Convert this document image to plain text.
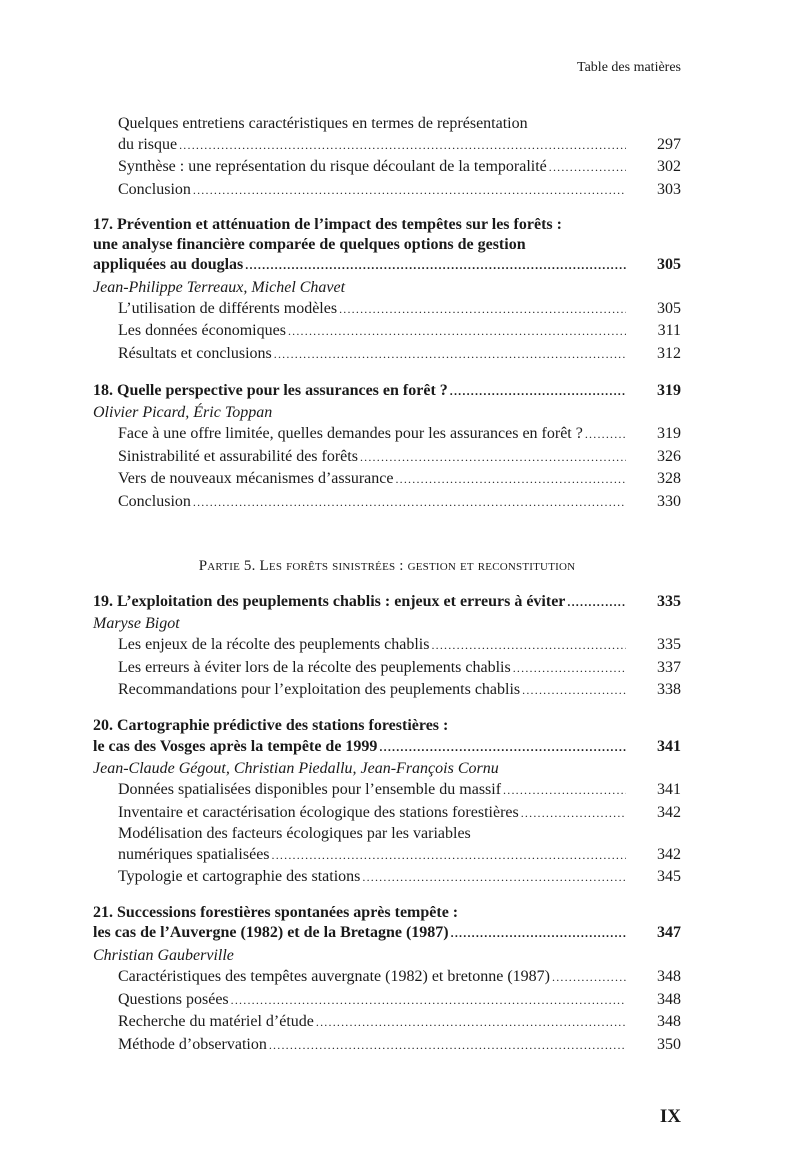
Table des matières
Quelques entretiens caractéristiques en termes de représentation
du risque .....	297
Synthèse : une représentation du risque découlant de la temporalité .....	302
Conclusion .....	303
17. Prévention et atténuation de l’impact des tempêtes sur les forêts :
une analyse financière comparée de quelques options de gestion
appliquées au douglas .....	305
Jean-Philippe Terreaux, Michel Chavet
L’utilisation de différents modèles .....	305
Les données économiques .....	311
Résultats et conclusions .....	312
18. Quelle perspective pour les assurances en forêt ? .....	319
Olivier Picard, Éric Toppan
Face à une offre limitée, quelles demandes pour les assurances en forêt ? .....	319
Sinistrabilité et assurabilité des forêts .....	326
Vers de nouveaux mécanismes d’assurance .....	328
Conclusion .....	330
Partie 5. Les forêts sinistrées : gestion et reconstitution
19. L’exploitation des peuplements chablis : enjeux et erreurs à éviter .....	335
Maryse Bigot
Les enjeux de la récolte des peuplements chablis .....	335
Les erreurs à éviter lors de la récolte des peuplements chablis .....	337
Recommandations pour l’exploitation des peuplements chablis .....	338
20. Cartographie prédictive des stations forestières :
le cas des Vosges après la tempête de 1999 .....	341
Jean-Claude Gégout, Christian Piedallu, Jean-François Cornu
Données spatialisées disponibles pour l’ensemble du massif .....	341
Inventaire et caractérisation écologique des stations forestières .....	342
Modélisation des facteurs écologiques par les variables
numériques spatialisées .....	342
Typologie et cartographie des stations .....	345
21. Successions forestières spontanées après tempête :
les cas de l’Auvergne (1982) et de la Bretagne (1987) .....	347
Christian Gauberville
Caractéristiques des tempêtes auvergnate (1982) et bretonne (1987) .....	348
Questions posées .....	348
Recherche du matériel d’étude .....	348
Méthode d’observation .....	350
IX
